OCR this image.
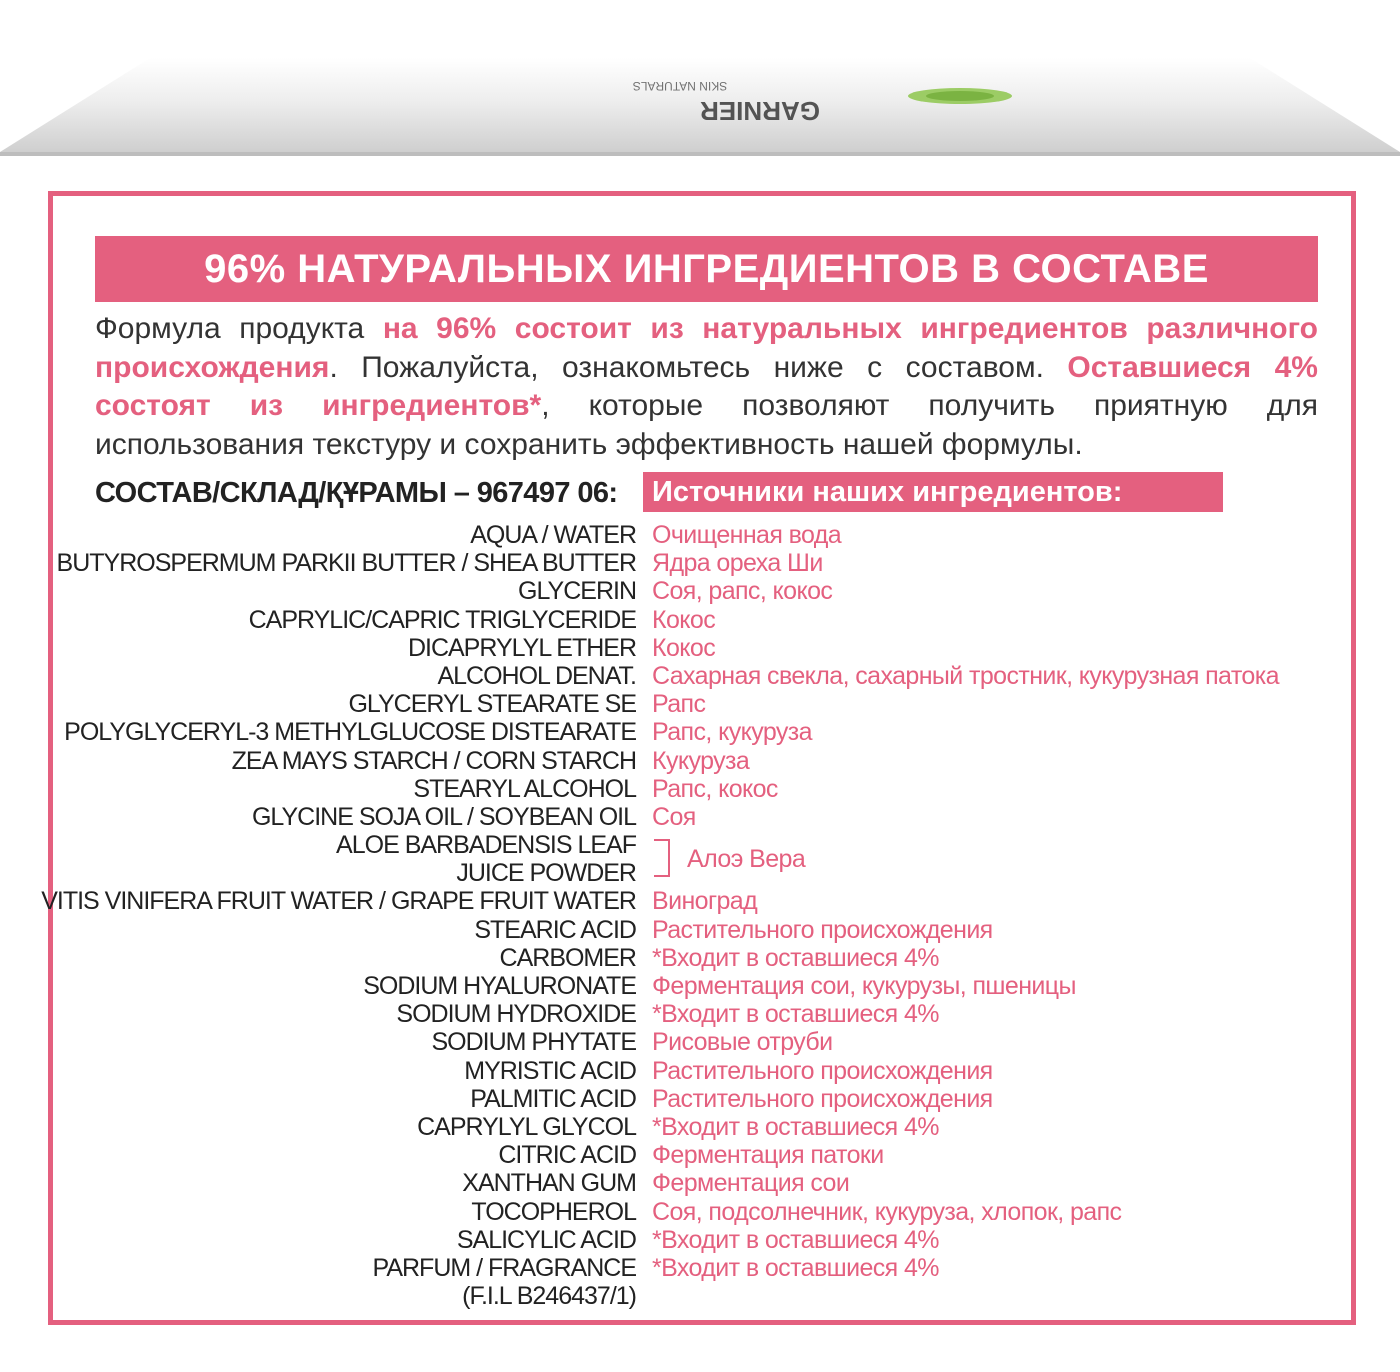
GARNIER
SKIN NATURALS
96% НАТУРАЛЬНЫХ ИНГРЕДИЕНТОВ В СОСТАВЕ
Формула продукта на 96% состоит из натуральных ингредиентов различного происхождения. Пожалуйста, ознакомьтесь ниже с составом. Оставшиеся 4% состоят из ингредиентов*, которые позволяют получить приятную для использования текстуру и сохранить эффективность нашей формулы.
СОСТАВ/СКЛАД/ҚҰРАМЫ – 967497 06:	Источники наших ингредиентов:
AQUA / WATER Очищенная вода
BUTYROSPERMUM PARKII BUTTER / SHEA BUTTER Ядра ореха Ши
GLYCERIN Соя, рапс, кокос
CAPRYLIC/CAPRIC TRIGLYCERIDE Кокос
DICAPRYLYL ETHER Кокос
ALCOHOL DENAT. Сахарная свекла, сахарный тростник, кукурузная патока
GLYCERYL STEARATE SE Рапс
POLYGLYCERYL-3 METHYLGLUCOSE DISTEARATE Рапс, кукуруза
ZEA MAYS STARCH / CORN STARCH Кукуруза
STEARYL ALCOHOL Рапс, кокос
GLYCINE SOJA OIL / SOYBEAN OIL Соя
ALOE BARBADENSIS LEAF
JUICE POWDER
Алоэ Вера
VITIS VINIFERA FRUIT WATER / GRAPE FRUIT WATER Виноград
STEARIC ACID Растительного происхождения
CARBOMER *Входит в оставшиеся 4%
SODIUM HYALURONATE Ферментация сои, кукурузы, пшеницы
SODIUM HYDROXIDE *Входит в оставшиеся 4%
SODIUM PHYTATE Рисовые отруби
MYRISTIC ACID Растительного происхождения
PALMITIC ACID Растительного происхождения
CAPRYLYL GLYCOL *Входит в оставшиеся 4%
CITRIC ACID Ферментация патоки
XANTHAN GUM Ферментация сои
TOCOPHEROL Соя, подсолнечник, кукуруза, хлопок, рапс
SALICYLIC ACID *Входит в оставшиеся 4%
PARFUM / FRAGRANCE *Входит в оставшиеся 4%
(F.I.L B246437/1)
